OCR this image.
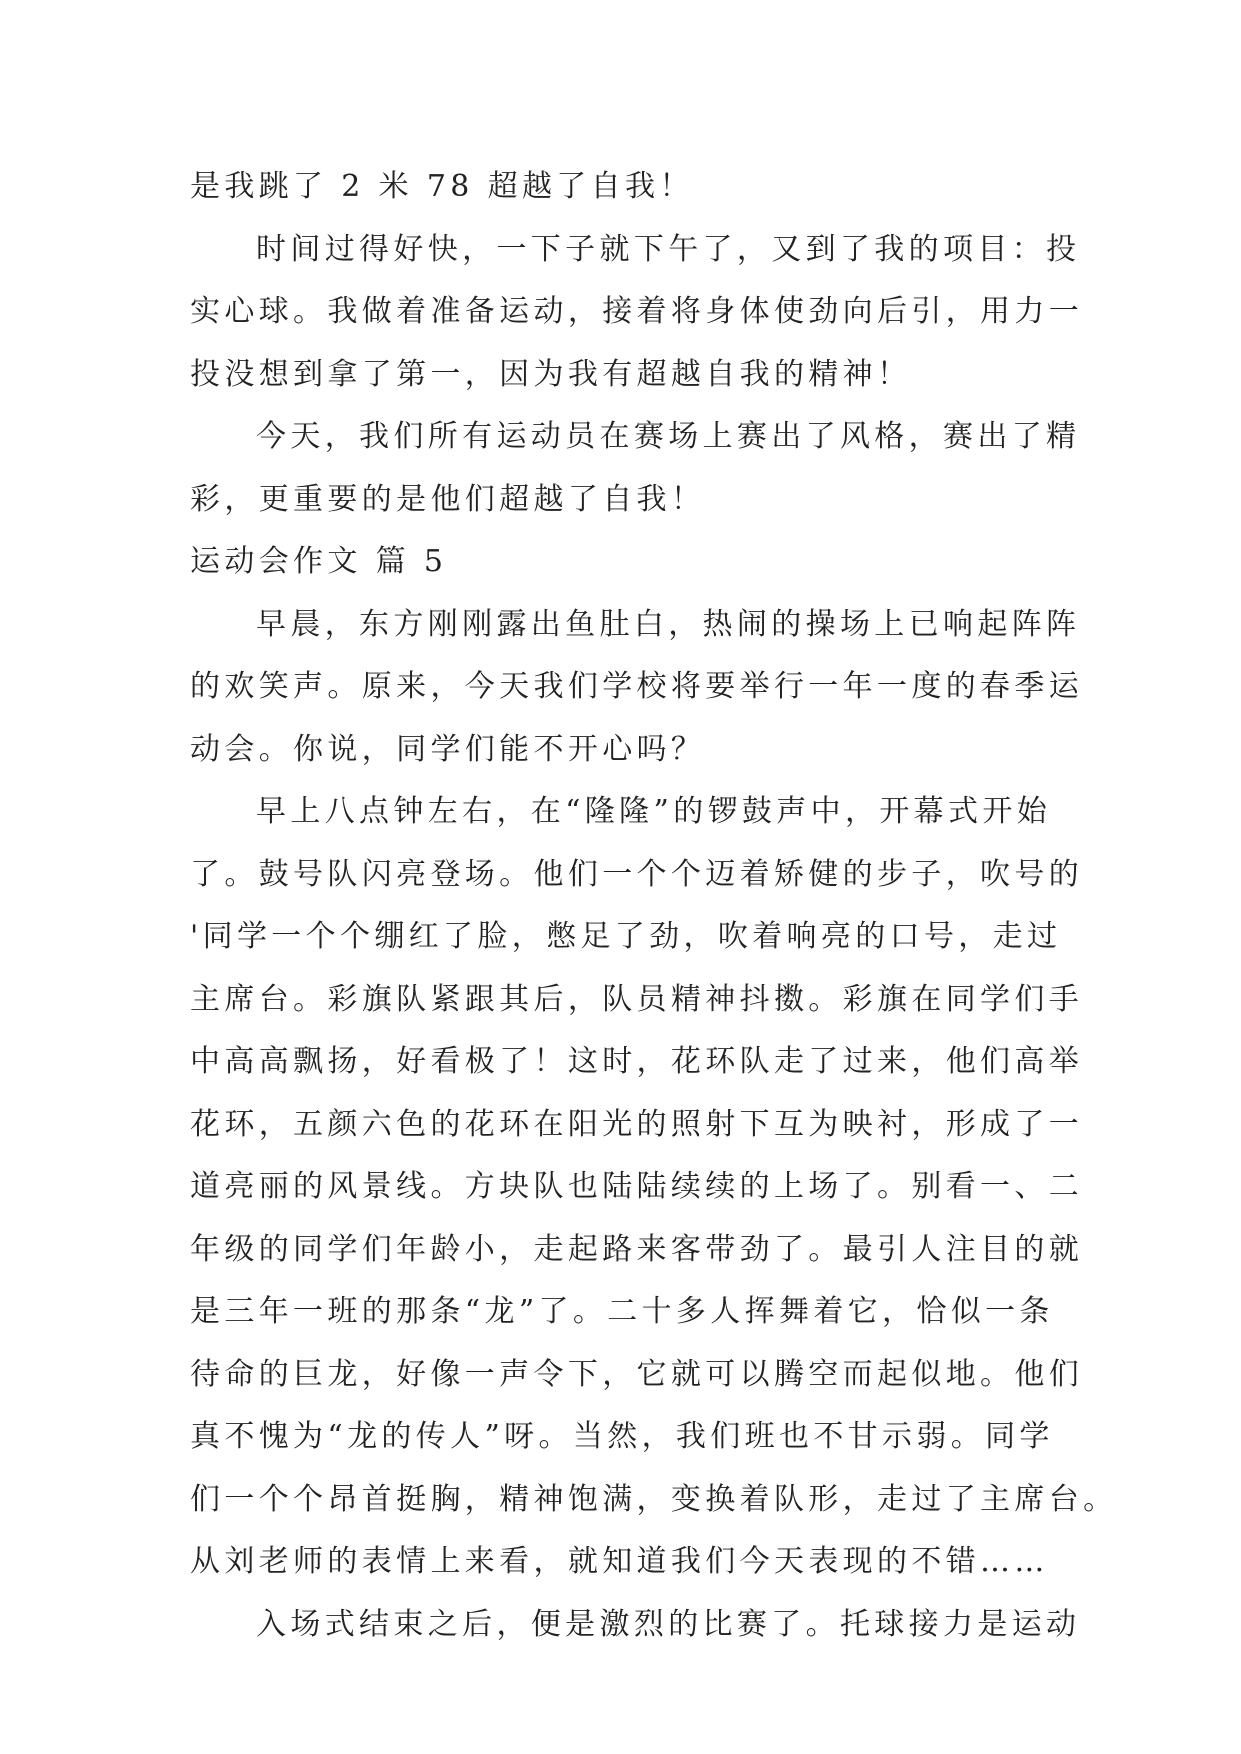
是我跳了 2 米 78 超越了自我！
时间过得好快，一下子就下午了，又到了我的项目：投
实心球。我做着准备运动，接着将身体使劲向后引，用力一
投没想到拿了第一，因为我有超越自我的精神！
今天，我们所有运动员在赛场上赛出了风格，赛出了精
彩，更重要的是他们超越了自我！
运动会作文 篇 5
早晨，东方刚刚露出鱼肚白，热闹的操场上已响起阵阵
的欢笑声。原来，今天我们学校将要举行一年一度的春季运
动会。你说，同学们能不开心吗？
早上八点钟左右，在“隆隆”的锣鼓声中，开幕式开始
了。鼓号队闪亮登场。他们一个个迈着矫健的步子，吹号的
'同学一个个绷红了脸，憋足了劲，吹着响亮的口号，走过
主席台。彩旗队紧跟其后，队员精神抖擞。彩旗在同学们手
中高高飘扬，好看极了！这时，花环队走了过来，他们高举
花环，五颜六色的花环在阳光的照射下互为映衬，形成了一
道亮丽的风景线。方块队也陆陆续续的上场了。别看一、二
年级的同学们年龄小，走起路来客带劲了。最引人注目的就
是三年一班的那条“龙”了。二十多人挥舞着它，恰似一条
待命的巨龙，好像一声令下，它就可以腾空而起似地。他们
真不愧为“龙的传人”呀。当然，我们班也不甘示弱。同学
们一个个昂首挺胸，精神饱满，变换着队形，走过了主席台。
从刘老师的表情上来看，就知道我们今天表现的不错……
入场式结束之后，便是激烈的比赛了。托球接力是运动
